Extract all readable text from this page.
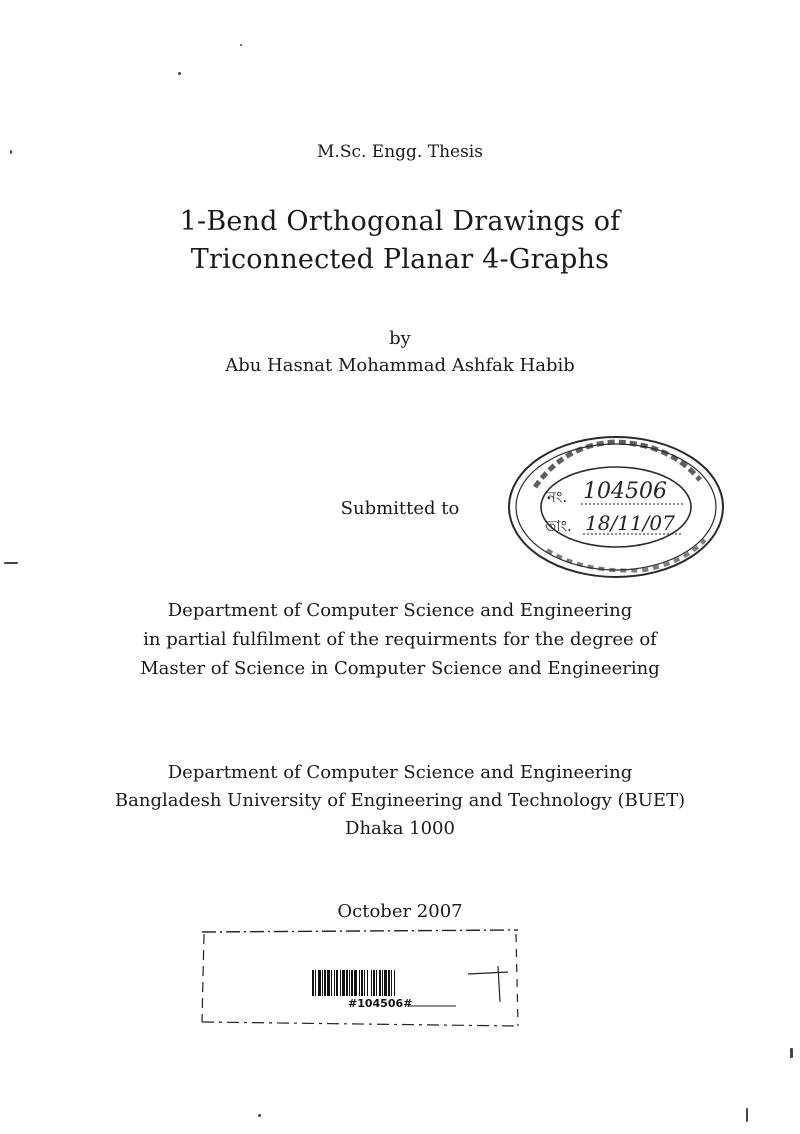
M.Sc. Engg. Thesis
1-Bend Orthogonal Drawings of
Triconnected Planar 4-Graphs
by
Abu Hasnat Mohammad Ashfak Habib
Submitted to
Department of Computer Science and Engineering
in partial fulfilment of the requirments for the degree of
Master of Science in Computer Science and Engineering
Department of Computer Science and Engineering
Bangladesh University of Engineering and Technology (BUET)
Dhaka 1000
October 2007
নং. 104506
তাং. 18/11/07
#104506#
